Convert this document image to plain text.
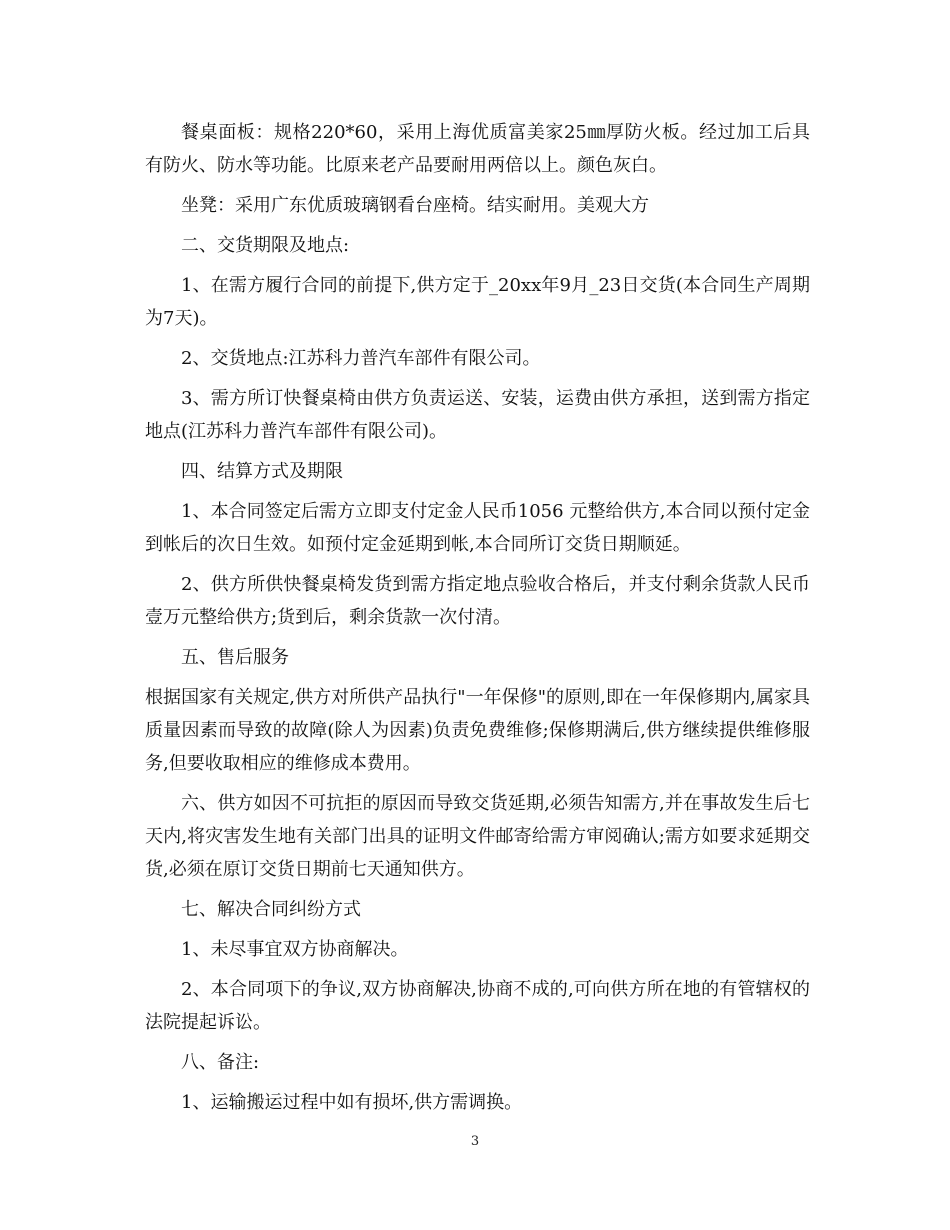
餐桌面板：规格220*60，采用上海优质富美家25㎜厚防火板。经过加工后具有防火、防水等功能。比原来老产品要耐用两倍以上。颜色灰白。

坐凳：采用广东优质玻璃钢看台座椅。结实耐用。美观大方

二、交货期限及地点:

1、在需方履行合同的前提下,供方定于_20xx年9月_23日交货(本合同生产周期为7天)。

2、交货地点:江苏科力普汽车部件有限公司。

3、需方所订快餐桌椅由供方负责运送、安装，运费由供方承担，送到需方指定地点(江苏科力普汽车部件有限公司)。

四、结算方式及期限

1、本合同签定后需方立即支付定金人民币1056 元整给供方,本合同以预付定金到帐后的次日生效。如预付定金延期到帐,本合同所订交货日期顺延。

2、供方所供快餐桌椅发货到需方指定地点验收合格后，并支付剩余货款人民币壹万元整给供方;货到后，剩余货款一次付清。

五、售后服务

根据国家有关规定,供方对所供产品执行"一年保修"的原则,即在一年保修期内,属家具质量因素而导致的故障(除人为因素)负责免费维修;保修期满后,供方继续提供维修服务,但要收取相应的维修成本费用。

六、供方如因不可抗拒的原因而导致交货延期,必须告知需方,并在事故发生后七天内,将灾害发生地有关部门出具的证明文件邮寄给需方审阅确认;需方如要求延期交货,必须在原订交货日期前七天通知供方。

七、解决合同纠纷方式

1、未尽事宜双方协商解决。

2、本合同项下的争议,双方协商解决,协商不成的,可向供方所在地的有管辖权的法院提起诉讼。

八、备注:

1、运输搬运过程中如有损坏,供方需调换。

3
